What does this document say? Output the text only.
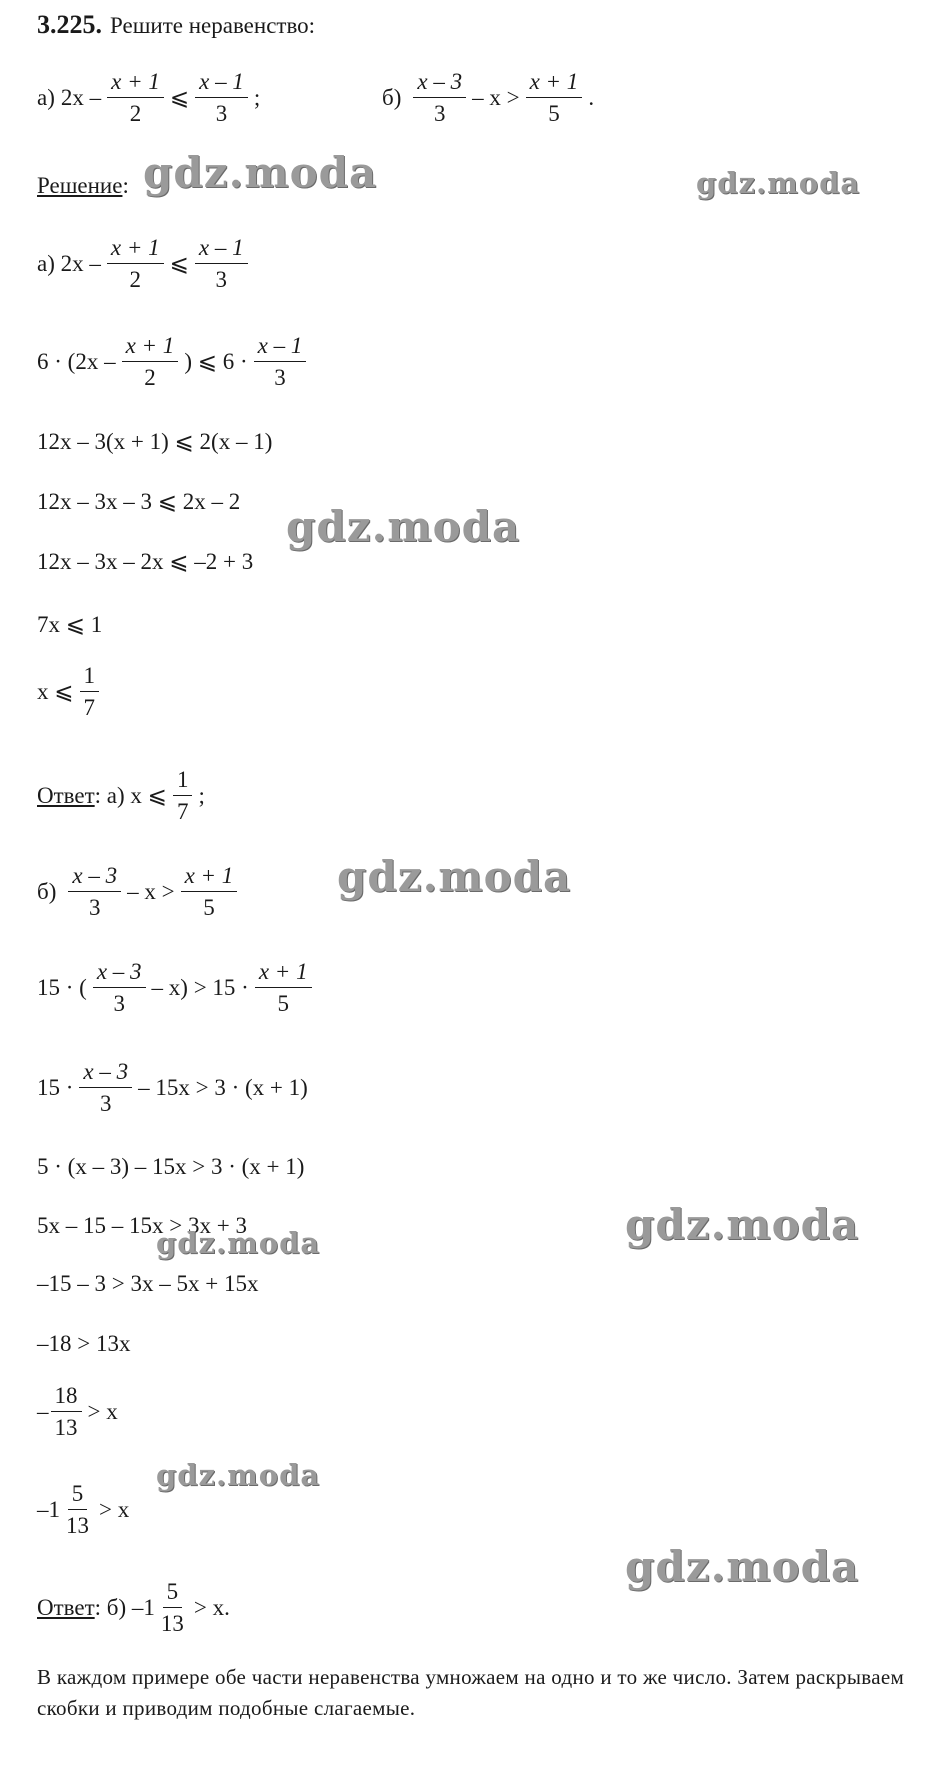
3.225. Решите неравенство:
а) $2x - \frac{x + 1}{2}$ ⩽ $\frac{x - 1}{3}$ ;	$б) \frac{x - 3}{3} - x > \frac{x + 1}{5}$ .
Решение :
а) $2x - \frac{x + 1}{2}$ ⩽ $\frac{x - 1}{3}$
$6 \cdot (2x - \frac{x + 1}{2}$ ) ⩽ $6 \cdot \frac{x - 1}{3}$
12x – 3(x + 1) ⩽ 2(x – 1)
12x – 3x – 3 ⩽ 2x – 2
12x – 3x – 2x ⩽ –2 + 3
7x ⩽ 1
x ⩽ $\frac{1}{7}$
Ответ : а) x ⩽ $\frac{1}{7}$ ;
$б) \frac{x - 3}{3} - x > \frac{x + 1}{5}$
15 · ( $\frac{x - 3}{3} - x) > 15 \cdot \frac{x + 1}{5}$
$15 \cdot \frac{x - 3}{3} - 15x > 3 \cdot (x + 1)$
5 · (x – 3) – 15x > 3 · (x + 1)
5x – 15 – 15x > 3x + 3
–15 – 3 > 3x – 5x + 15x
–18 > 13x
– $\frac{18}{13} > x$
$-1 \frac{5}{13} > x$
Ответ : б) $-1 \frac{5}{13} > x$.
В каждом примере обе части неравенства умножаем на одно и то же число. Затем раскрываем скобки и приводим подобные слагаемые.
gdz.moda	gdz.moda
gdz.moda
gdz.moda
gdz.moda
gdz.moda
gdz.moda
gdz.moda
